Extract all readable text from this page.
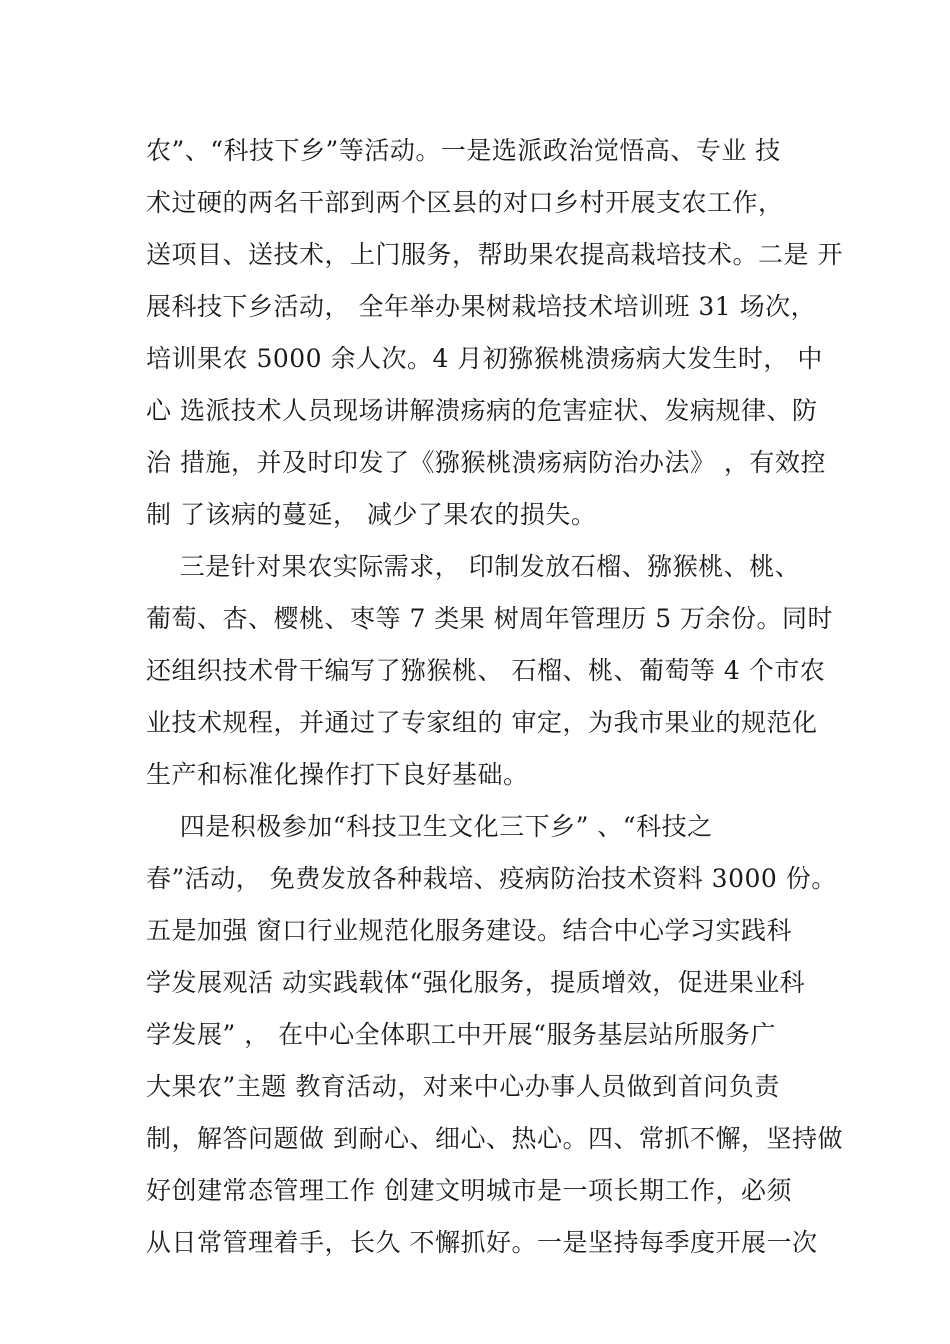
农”、“科技下乡”等活动。一是选派政治觉悟高、专业 技
术过硬的两名干部到两个区县的对口乡村开展支农工作，
送项目、送技术，上门服务，帮助果农提高栽培技术。二是 开
展科技下乡活动， 全年举办果树栽培技术培训班 31 场次，
培训果农 5000 余人次。4 月初猕猴桃溃疡病大发生时， 中
心 选派技术人员现场讲解溃疡病的危害症状、发病规律、防
治 措施，并及时印发了《猕猴桃溃疡病防治办法》 ，有效控
制 了该病的蔓延， 减少了果农的损失。
三是针对果农实际需求， 印制发放石榴、猕猴桃、桃、
葡萄、杏、樱桃、枣等 7 类果 树周年管理历 5 万余份。同时
还组织技术骨干编写了猕猴桃、 石榴、桃、葡萄等 4 个市农
业技术规程，并通过了专家组的 审定，为我市果业的规范化
生产和标准化操作打下良好基础。
四是积极参加“科技卫生文化三下乡” 、“科技之
春”活动， 免费发放各种栽培、疫病防治技术资料 3000 份。
五是加强 窗口行业规范化服务建设。结合中心学习实践科
学发展观活 动实践载体“强化服务，提质增效，促进果业科
学发展” ， 在中心全体职工中开展“服务基层站所服务广
大果农”主题 教育活动，对来中心办事人员做到首问负责
制，解答问题做 到耐心、细心、热心。四、常抓不懈，坚持做
好创建常态管理工作 创建文明城市是一项长期工作，必须
从日常管理着手，长久 不懈抓好。一是坚持每季度开展一次
